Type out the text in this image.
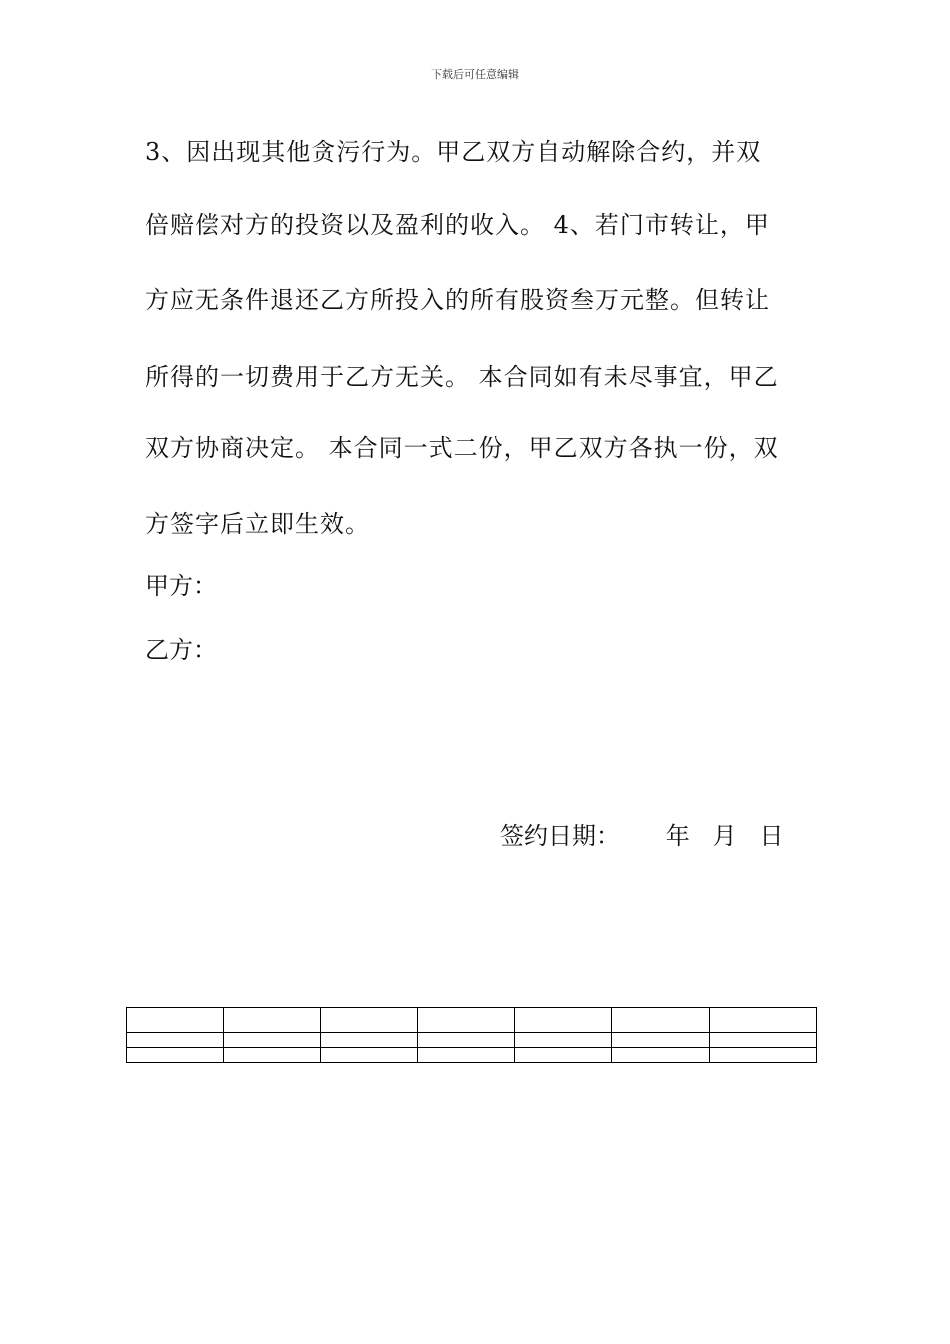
下载后可任意编辑
3、因出现其他贪污行为。甲乙双方自动解除合约，并双
倍赔偿对方的投资以及盈利的收入。 4、若门市转让，甲
方应无条件退还乙方所投入的所有股资叁万元整。但转让
所得的一切费用于乙方无关。 本合同如有未尽事宜，甲乙
双方协商决定。 本合同一式二份，甲乙双方各执一份，双
方签字后立即生效。
甲方：
乙方：
签约日期：      年   月   日
